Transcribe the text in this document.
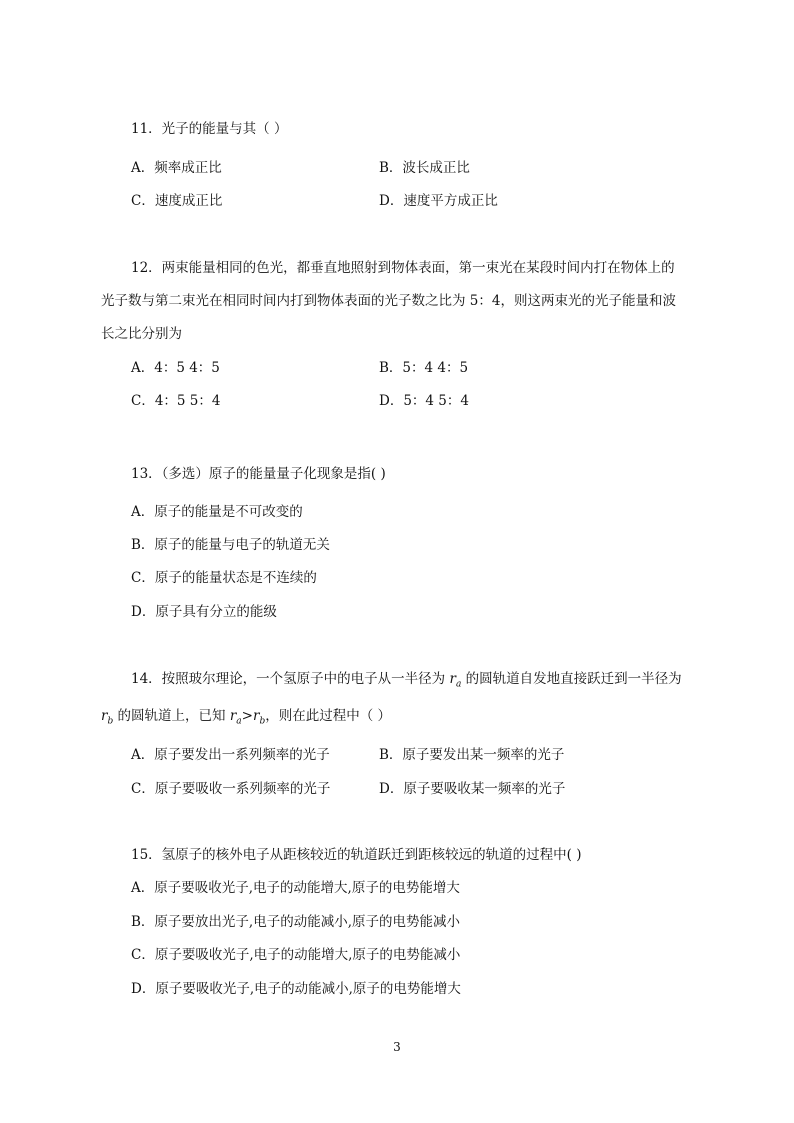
11．光子的能量与其（ ）
A．频率成正比	B．波长成正比
C．速度成正比	D．速度平方成正比
12．两束能量相同的色光，都垂直地照射到物体表面，第一束光在某段时间内打在物体上的
光子数与第二束光在相同时间内打到物体表面的光子数之比为 5：4，则这两束光的光子能量和波
长之比分别为
A．4：5 4：5	B．5：4 4：5
C．4：5 5：4	D．5：4 5：4
13．（多选）原子的能量量子化现象是指( )
A．原子的能量是不可改变的
B．原子的能量与电子的轨道无关
C．原子的能量状态是不连续的
D．原子具有分立的能级
14．按照玻尔理论，一个氢原子中的电子从一半径为 $r_a$ 的圆轨道自发地直接跃迁到一半径为
$r_b$ 的圆轨道上，已知 $r_a>r_b$，则在此过程中（ ）
A．原子要发出一系列频率的光子	B．原子要发出某一频率的光子
C．原子要吸收一系列频率的光子	D．原子要吸收某一频率的光子
15．氢原子的核外电子从距核较近的轨道跃迁到距核较远的轨道的过程中( )
A．原子要吸收光子,电子的动能增大,原子的电势能增大
B．原子要放出光子,电子的动能减小,原子的电势能减小
C．原子要吸收光子,电子的动能增大,原子的电势能减小
D．原子要吸收光子,电子的动能减小,原子的电势能增大
3
